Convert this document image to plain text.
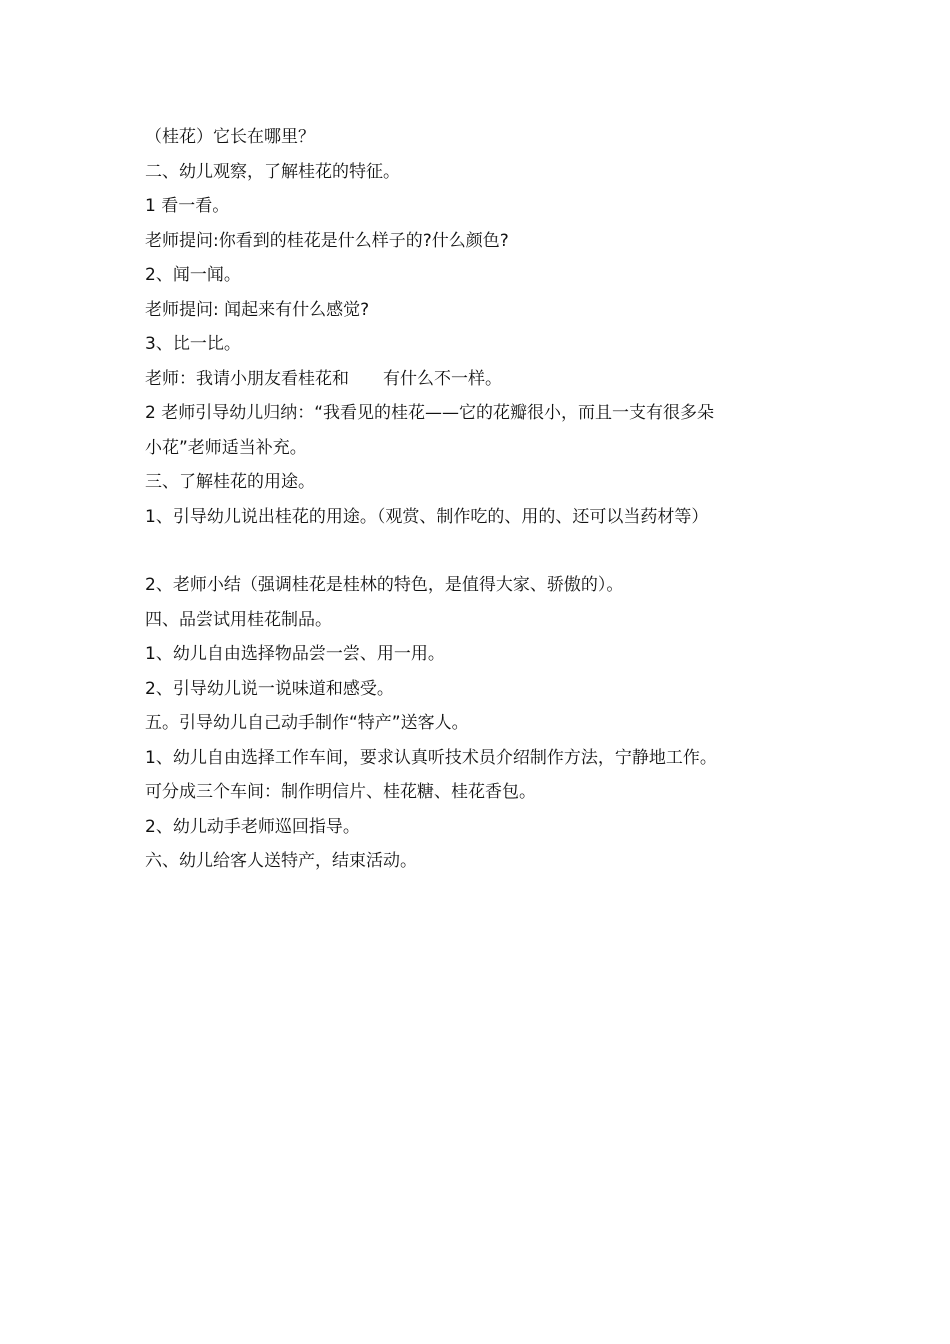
（桂花）它长在哪里？

二、幼儿观察，了解桂花的特征。

1 看一看。

老师提问:你看到的桂花是什么样子的?什么颜色?

2、闻一闻。

老师提问: 闻起来有什么感觉?

3、比一比。

老师：我请小朋友看桂花和　　有什么不一样。

2 老师引导幼儿归纳：“我看见的桂花——它的花瓣很小，而且一支有很多朵

小花”老师适当补充。

三、了解桂花的用途。

1、引导幼儿说出桂花的用途。（观赏、制作吃的、用的、还可以当药材等）

2、老师小结（强调桂花是桂林的特色，是值得大家、骄傲的）。

四、品尝试用桂花制品。

1、幼儿自由选择物品尝一尝、用一用。

2、引导幼儿说一说味道和感受。

五。引导幼儿自己动手制作“特产”送客人。

1、幼儿自由选择工作车间，要求认真听技术员介绍制作方法，宁静地工作。

可分成三个车间：制作明信片、桂花糖、桂花香包。

2、幼儿动手老师巡回指导。

六、幼儿给客人送特产，结束活动。
